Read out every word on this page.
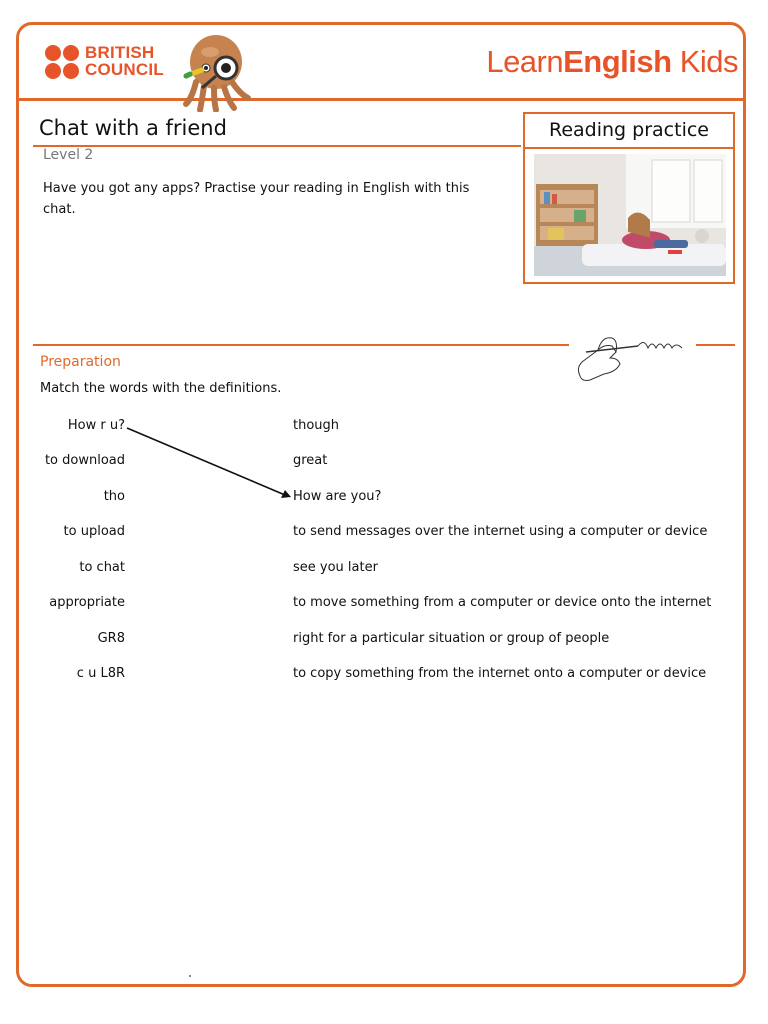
BRITISH
COUNCIL	LearnEnglish Kids
Chat with a friend
Level 2
Have you got any apps? Practise your reading in English with this chat.
Reading practice
Preparation
Match the words with the definitions.
How r u?
to download
tho
to upload
to chat
appropriate
GR8
c u L8R
though
great
How are you?
to send messages over the internet using a computer or device
see you later
to move something from a computer or device onto the internet
right for a particular situation or group of people
to copy something from the internet onto a computer or device
